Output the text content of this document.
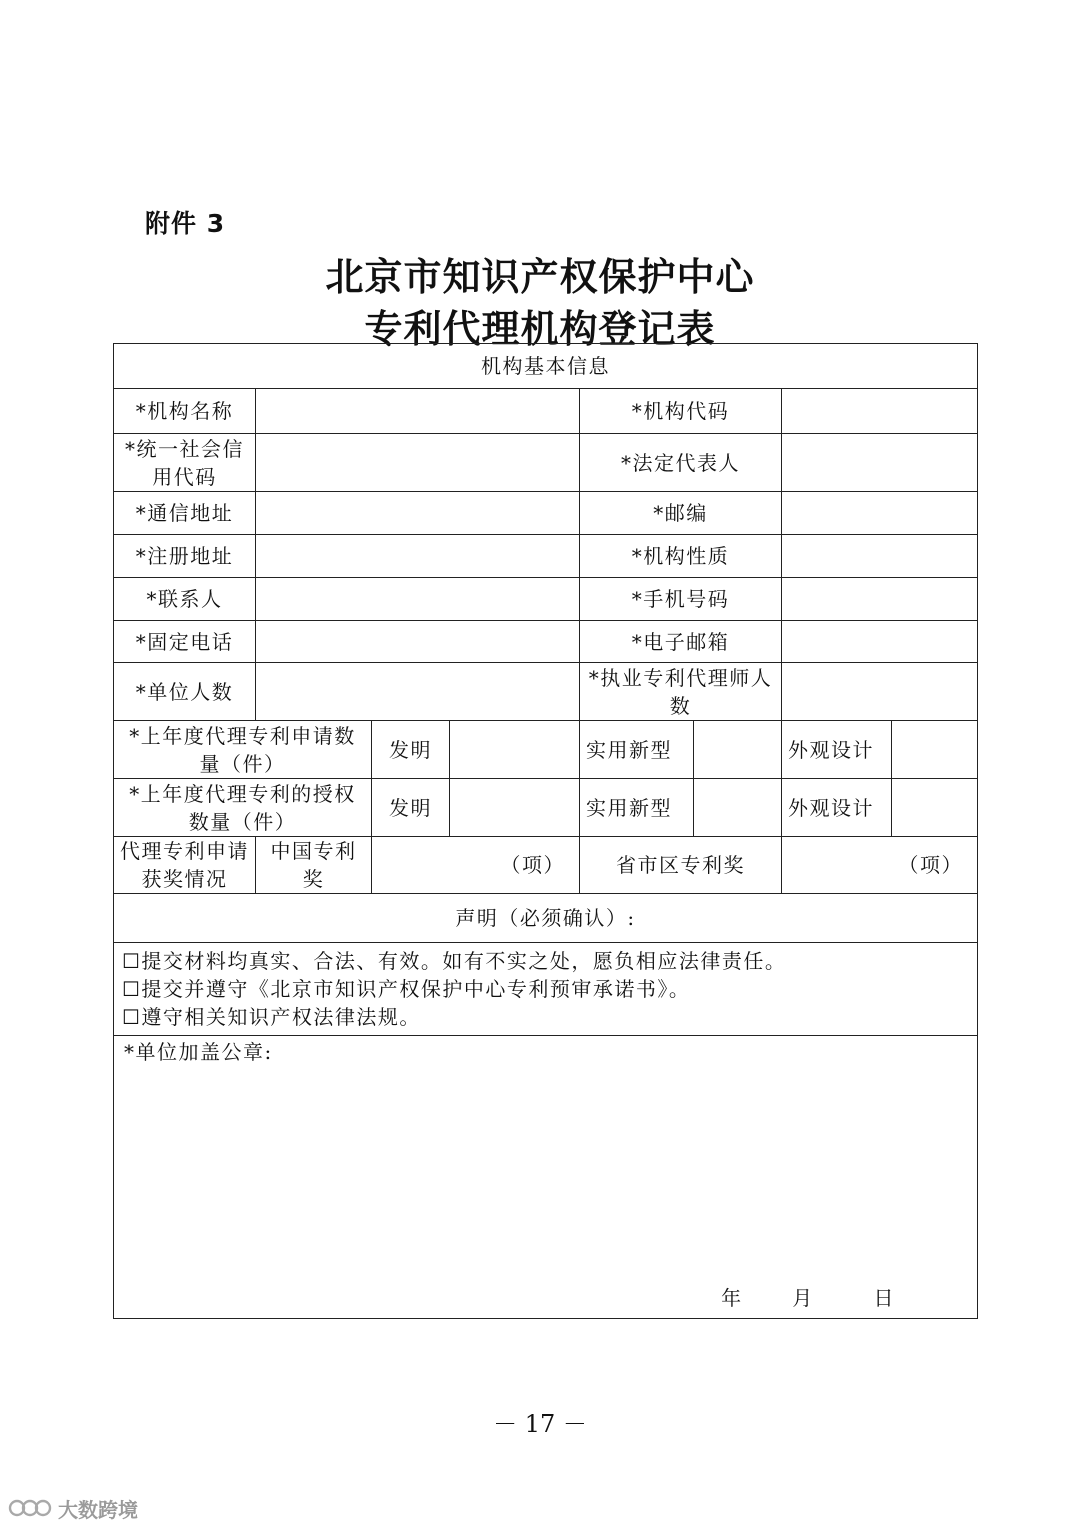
附件 3
北京市知识产权保护中心
专利代理机构登记表
机构基本信息							
*机构名称				*机构代码			
*统一社会信用代码				*法定代表人			
*通信地址				*邮编			
*注册地址				*机构性质			
*联系人				*手机号码			
*固定电话				*电子邮箱			
*单位人数				*执业专利代理师人数			
*上年度代理专利申请数量（件）		发明		实用新型		外观设计	
*上年度代理专利的授权数量（件）		发明		实用新型		外观设计	
代理专利申请获奖情况	中国专利奖	（项）		省市区专利奖		（项）	
声明（必须确认）:							

☐提交材料均真实、合法、有效。如有不实之处，愿负相应法律责任。
☐提交并遵守《北京市知识产权保护中心专利预审承诺书》。
☐遵守相关知识产权法律法规。							

*单位加盖公章:
年 月 日							
－ 17 －
大数跨境
